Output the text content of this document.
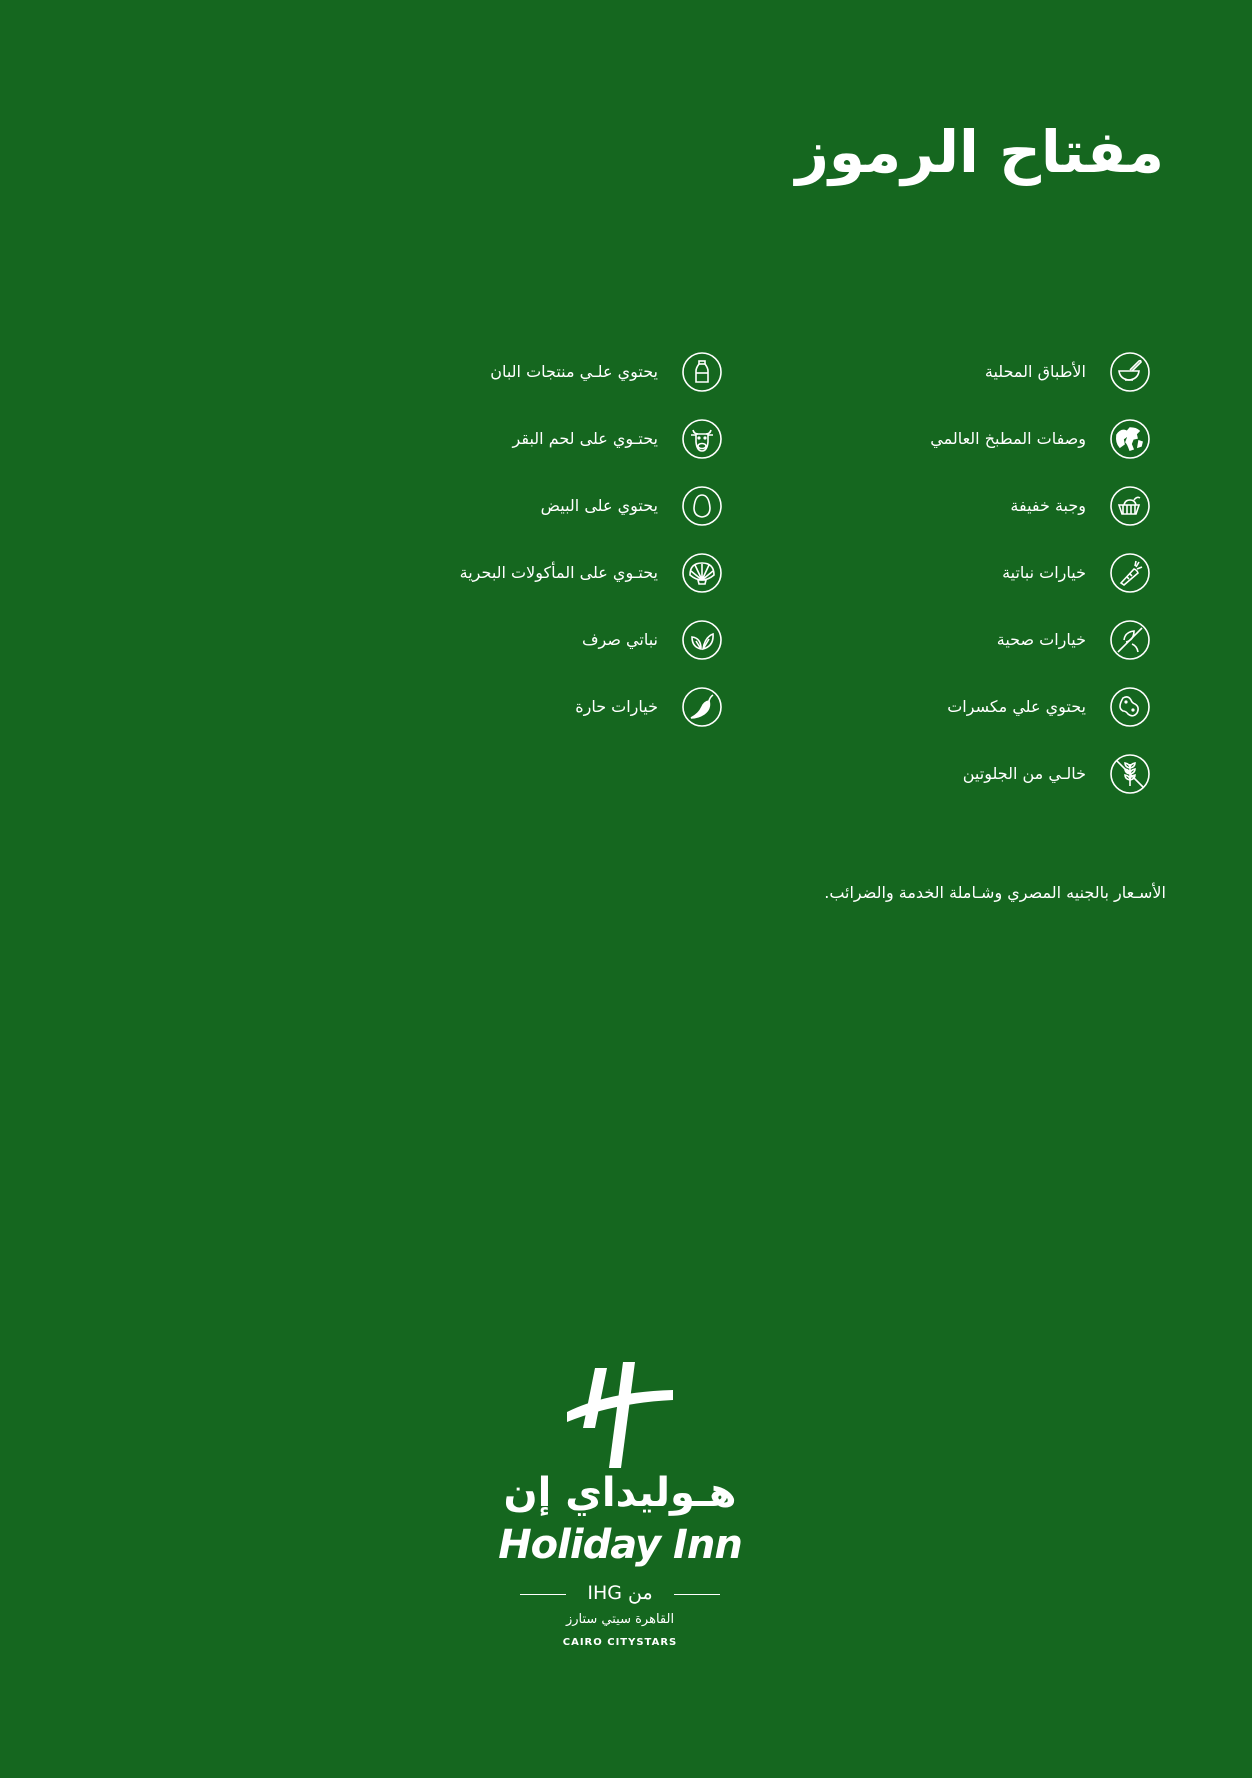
مفتاح الرموز
الأطباق المحلية
وصفات المطبخ العالمي
وجبة خفيفة
خيارات نباتية
خيارات صحية
يحتوي علي مكسرات
خالـي من الجلوتين
يحتوي علـي منتجات البان
يحتـوي على لحم البقر
يحتوي على البيض
يحتـوي على المأكولات البحرية
نباتي صرف
خيارات حارة
الأسـعار بالجنيه المصري وشـاملة الخدمة والضرائب.
هـوليداي إن
Holiday Inn
من IHG
القاهرة سيتي ستارز
CAIRO CITYSTARS
